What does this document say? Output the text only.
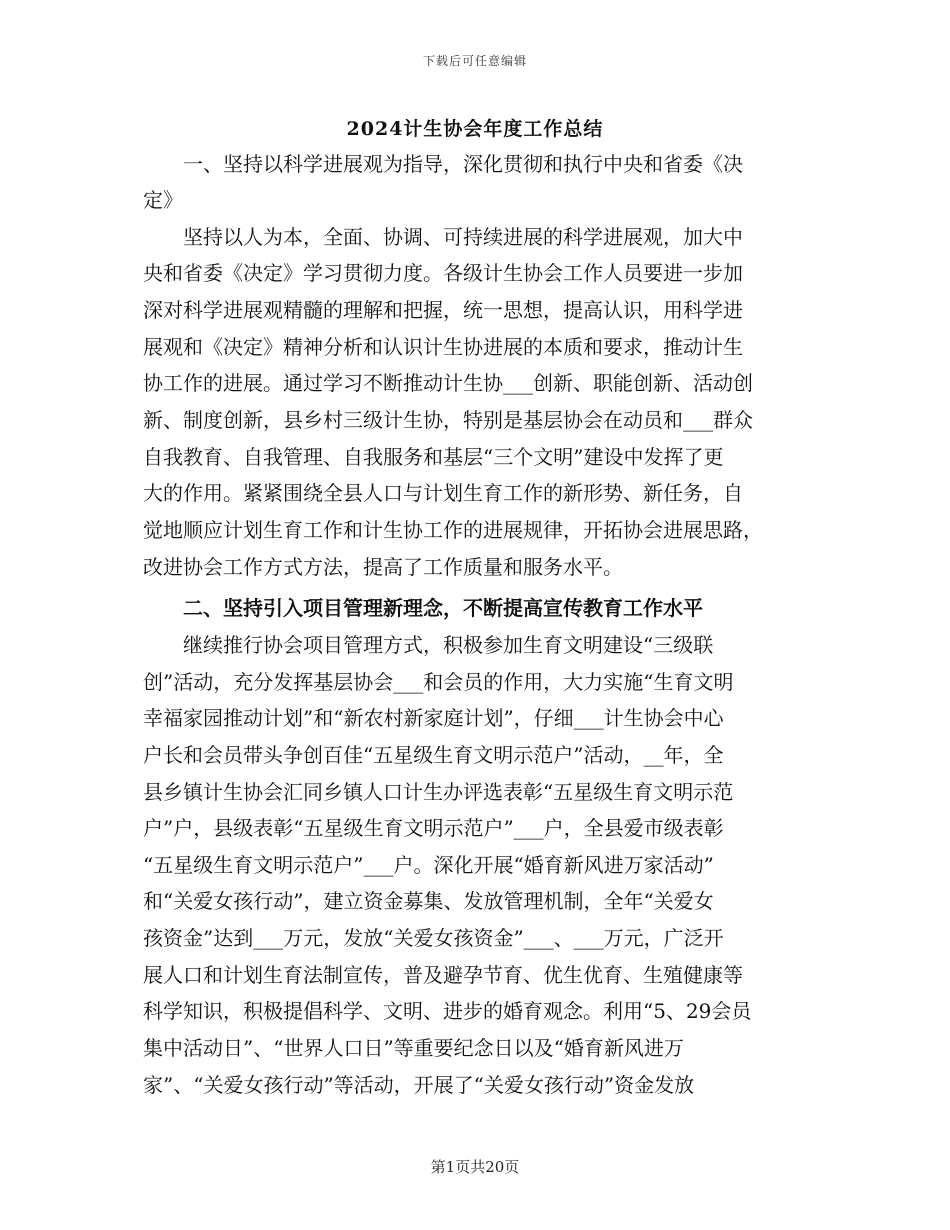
下载后可任意编辑
2024计生协会年度工作总结
　　一、坚持以科学进展观为指导，深化贯彻和执行中央和省委《决
定》
　　坚持以人为本，全面、协调、可持续进展的科学进展观，加大中
央和省委《决定》学习贯彻力度。各级计生协会工作人员要进一步加
深对科学进展观精髓的理解和把握，统一思想，提高认识，用科学进
展观和《决定》精神分析和认识计生协进展的本质和要求，推动计生
协工作的进展。通过学习不断推动计生协___创新、职能创新、活动创
新、制度创新，县乡村三级计生协，特别是基层协会在动员和___群众
自我教育、自我管理、自我服务和基层“三个文明”建设中发挥了更
大的作用。紧紧围绕全县人口与计划生育工作的新形势、新任务，自
觉地顺应计划生育工作和计生协工作的进展规律，开拓协会进展思路，
改进协会工作方式方法，提高了工作质量和服务水平。
　　二、坚持引入项目管理新理念，不断提高宣传教育工作水平
　　继续推行协会项目管理方式，积极参加生育文明建设“三级联
创”活动，充分发挥基层协会___和会员的作用，大力实施“生育文明
幸福家园推动计划”和“新农村新家庭计划”，仔细___计生协会中心
户长和会员带头争创百佳“五星级生育文明示范户”活动，__年，全
县乡镇计生协会汇同乡镇人口计生办评选表彰“五星级生育文明示范
户”户，县级表彰“五星级生育文明示范户”___户，全县爱市级表彰
“五星级生育文明示范户”___户。深化开展“婚育新风进万家活动”
和“关爱女孩行动”，建立资金募集、发放管理机制，全年“关爱女
孩资金”达到___万元，发放“关爱女孩资金”___、___万元，广泛开
展人口和计划生育法制宣传，普及避孕节育、优生优育、生殖健康等
科学知识，积极提倡科学、文明、进步的婚育观念。利用“5、29会员
集中活动日”、“世界人口日”等重要纪念日以及“婚育新风进万
家”、“关爱女孩行动”等活动，开展了“关爱女孩行动”资金发放
第1页共20页
